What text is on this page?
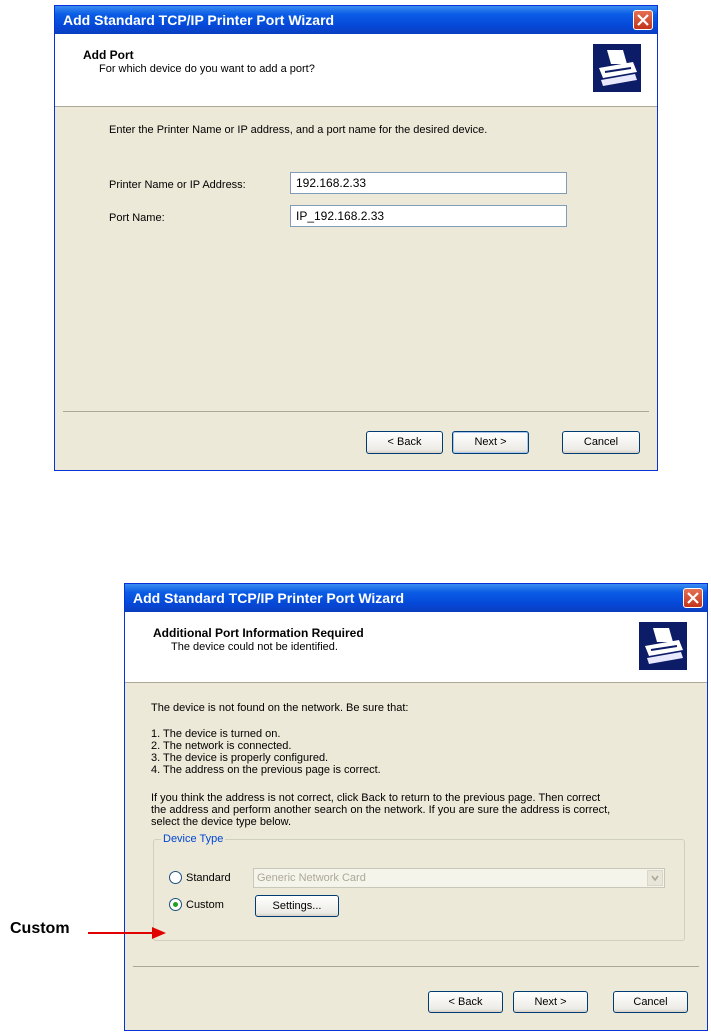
Add Standard TCP/IP Printer Port Wizard
Add Port
For which device do you want to add a port?
Enter the Printer Name or IP address, and a port name for the desired device.
Printer Name or IP Address:	192.168.2.33
Port Name:	IP_192.168.2.33
< Back	Next >	Cancel
Add Standard TCP/IP Printer Port Wizard
Additional Port Information Required
The device could not be identified.
The device is not found on the network. Be sure that:
1. The device is turned on.
2. The network is connected.
3. The device is properly configured.
4. The address on the previous page is correct.
If you think the address is not correct, click Back to return to the previous page. Then correct
the address and perform another search on the network. If you are sure the address is correct,
select the device type below.
Device Type
Standard	Generic Network Card
Custom	Settings...
< Back	Next >	Cancel
Custom
